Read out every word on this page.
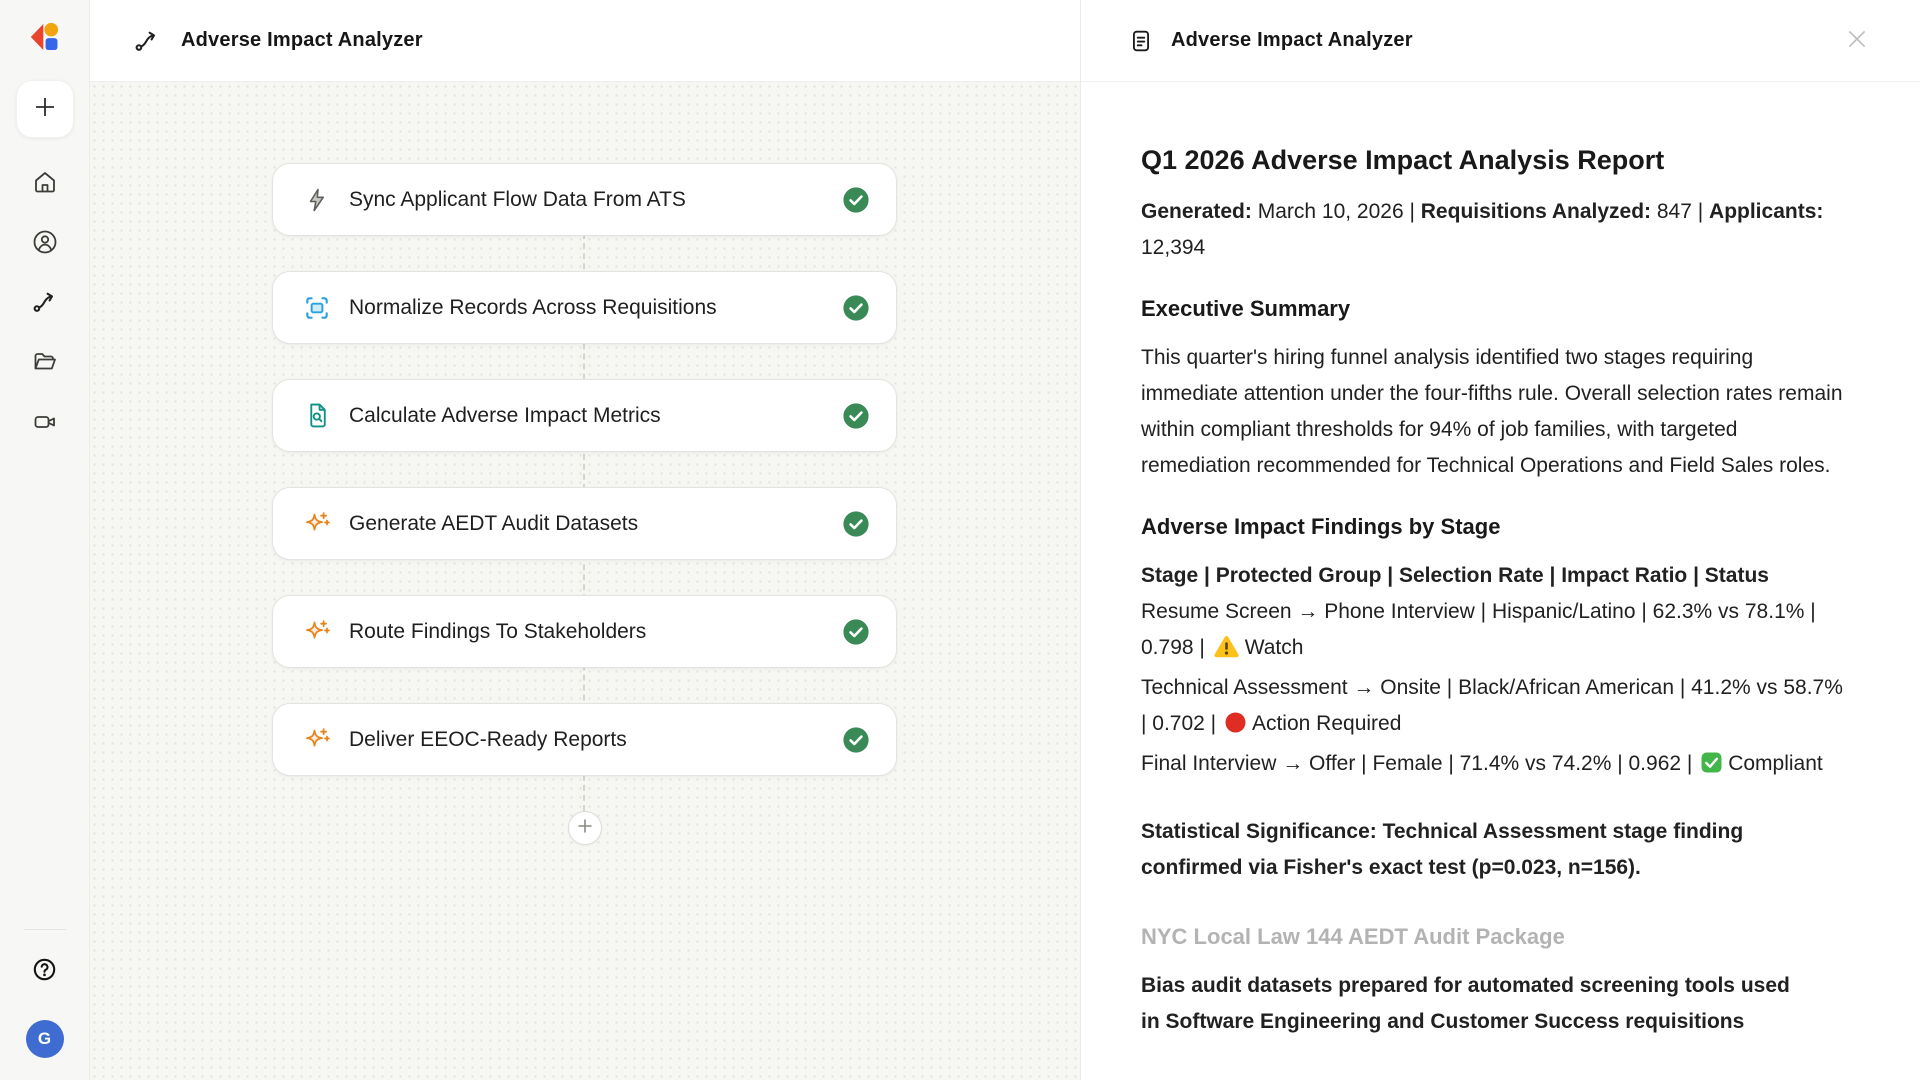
G
Adverse Impact Analyzer
Sync Applicant Flow Data From ATS
Normalize Records Across Requisitions
Calculate Adverse Impact Metrics
Generate AEDT Audit Datasets
Route Findings To Stakeholders
Deliver EEOC-Ready Reports
Adverse Impact Analyzer
Q1 2026 Adverse Impact Analysis Report

Generated: March 10, 2026 | Requisitions Analyzed: 847 | Applicants: 12,394

Executive Summary

This quarter's hiring funnel analysis identified two stages requiring immediate attention under the four-fifths rule. Overall selection rates remain within compliant thresholds for 94% of job families, with targeted remediation recommended for Technical Operations and Field Sales roles.

Adverse Impact Findings by Stage
Stage | Protected Group | Selection Rate | Impact Ratio | Status
Resume Screen → Phone Interview | Hispanic/Latino | 62.3% vs 78.1% | 0.798 | Watch
Technical Assessment → Onsite | Black/African American | 41.2% vs 58.7% | 0.702 | Action Required
Final Interview → Offer | Female | 71.4% vs 74.2% | 0.962 | Compliant

Statistical Significance: Technical Assessment stage finding confirmed via Fisher's exact test (p=0.023, n=156).

NYC Local Law 144 AEDT Audit Package

Bias audit datasets prepared for automated screening tools used

in Software Engineering and Customer Success requisitions
